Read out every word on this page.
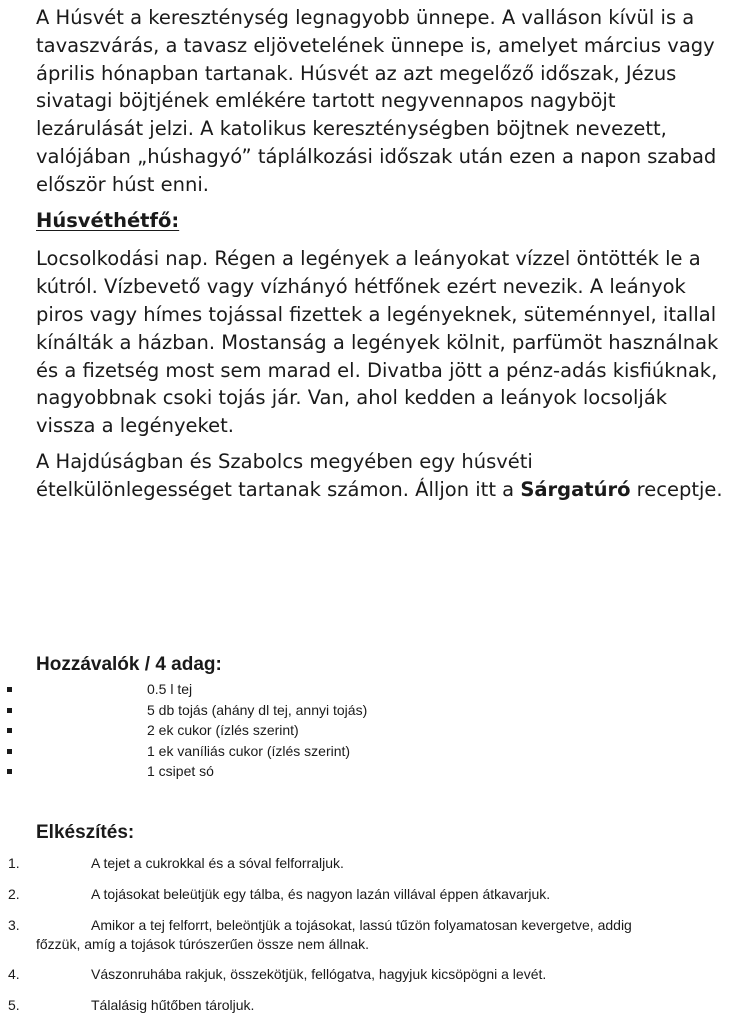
A Húsvét a kereszténység legnagyobb ünnepe. A valláson kívül is a tavaszvárás, a tavasz eljövetelének ünnepe is, amelyet március vagy április hónapban tartanak. Húsvét az azt megelőző időszak, Jézus sivatagi böjtjének emlékére tartott negyvennapos nagyböjt lezárulását jelzi. A katolikus kereszténységben böjtnek nevezett, valójában „húshagyó” táplálkozási időszak után ezen a napon szabad először húst enni.

Húsvéthétfő:

Locsolkodási nap. Régen a legények a leányokat vízzel öntötték le a kútról. Vízbevető vagy vízhányó hétfőnek ezért nevezik. A leányok piros vagy hímes tojással fizettek a legényeknek, süteménnyel, itallal kínálták a házban. Mostanság a legények kölnit, parfümöt használnak és a fizetség most sem marad el. Divatba jött a pénz-adás kisfiúknak, nagyobbnak csoki tojás jár. Van, ahol kedden a leányok locsolják vissza a legényeket.

A Hajdúságban és Szabolcs megyében egy húsvéti ételkülönlegességet tartanak számon. Álljon itt a Sárgatúró receptje.

Hozzávalók / 4 adag:
0.5 l tej
5 db tojás (ahány dl tej, annyi tojás)
2 ek cukor (ízlés szerint)
1 ek vaníliás cukor (ízlés szerint)
1 csipet só
Elkészítés:
1.	A tejet a cukrokkal és a sóval felforraljuk.
2.	A tojásokat beleütjük egy tálba, és nagyon lazán villával éppen átkavarjuk.
3.	Amikor a tej felforrt, beleöntjük a tojásokat, lassú tűzön folyamatosan kevergetve, addig
főzzük, amíg a tojások túrószerűen össze nem állnak.
4.	Vászonruhába rakjuk, összekötjük, fellógatva, hagyjuk kicsöpögni a levét.
5.	Tálalásig hűtőben tároljuk.
